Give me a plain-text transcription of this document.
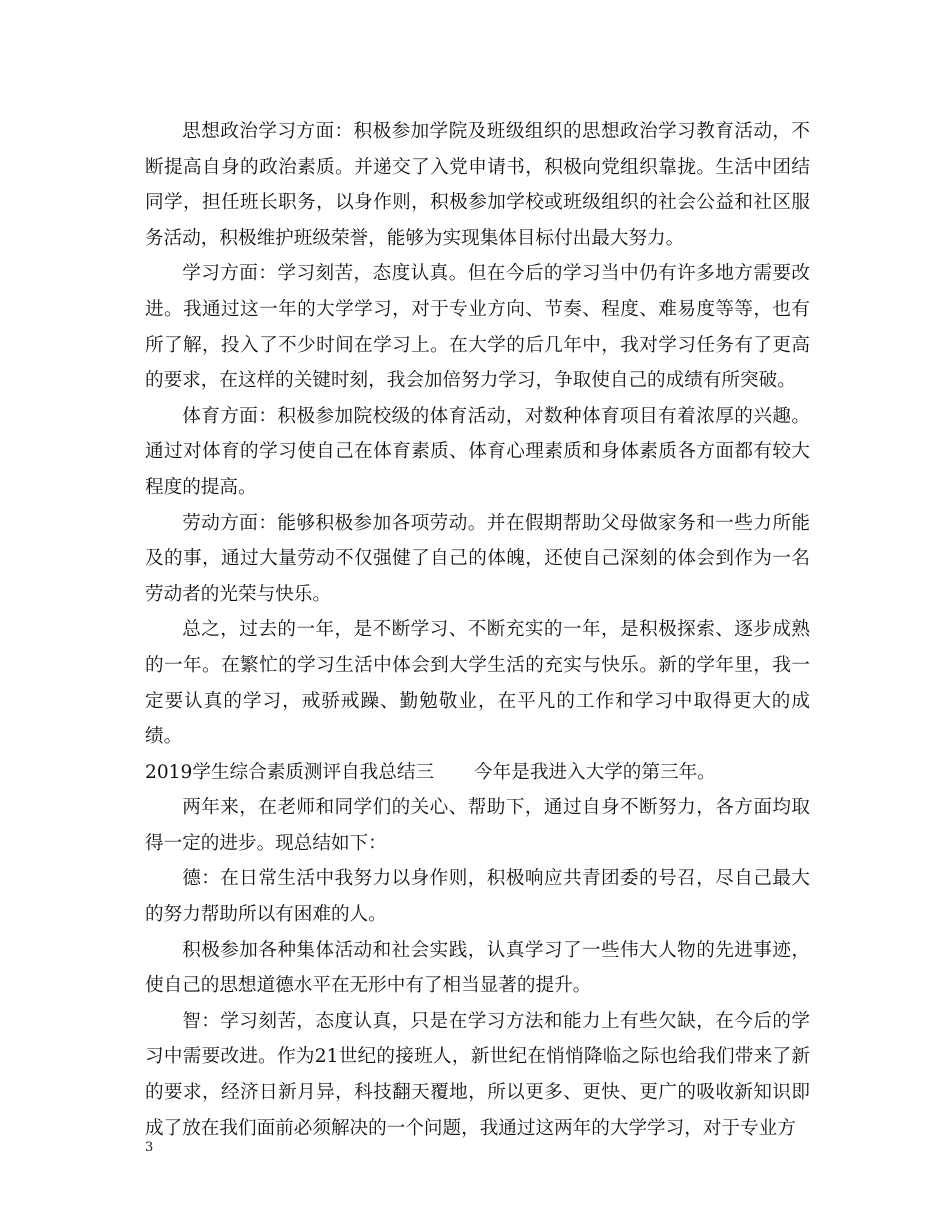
思想政治学习方面：积极参加学院及班级组织的思想政治学习教育活动，不断提高自身的政治素质。并递交了入党申请书，积极向党组织靠拢。生活中团结同学，担任班长职务，以身作则，积极参加学校或班级组织的社会公益和社区服务活动，积极维护班级荣誉，能够为实现集体目标付出最大努力。

学习方面：学习刻苦，态度认真。但在今后的学习当中仍有许多地方需要改进。我通过这一年的大学学习，对于专业方向、节奏、程度、难易度等等，也有所了解，投入了不少时间在学习上。在大学的后几年中，我对学习任务有了更高的要求，在这样的关键时刻，我会加倍努力学习，争取使自己的成绩有所突破。

体育方面：积极参加院校级的体育活动，对数种体育项目有着浓厚的兴趣。通过对体育的学习使自己在体育素质、体育心理素质和身体素质各方面都有较大程度的提高。

劳动方面：能够积极参加各项劳动。并在假期帮助父母做家务和一些力所能及的事，通过大量劳动不仅强健了自己的体魄，还使自己深刻的体会到作为一名劳动者的光荣与快乐。

总之，过去的一年，是不断学习、不断充实的一年，是积极探索、逐步成熟的一年。在繁忙的学习生活中体会到大学生活的充实与快乐。新的学年里，我一定要认真的学习，戒骄戒躁、勤勉敬业，在平凡的工作和学习中取得更大的成绩。

2019学生综合素质测评自我总结三 今年是我进入大学的第三年。

两年来，在老师和同学们的关心、帮助下，通过自身不断努力，各方面均取得一定的进步。现总结如下：

德：在日常生活中我努力以身作则，积极响应共青团委的号召，尽自己最大的努力帮助所以有困难的人。

积极参加各种集体活动和社会实践，认真学习了一些伟大人物的先进事迹，使自己的思想道德水平在无形中有了相当显著的提升。

智：学习刻苦，态度认真，只是在学习方法和能力上有些欠缺，在今后的学习中需要改进。作为21世纪的接班人，新世纪在悄悄降临之际也给我们带来了新的要求，经济日新月异，科技翻天覆地，所以更多、更快、更广的吸收新知识即成了放在我们面前必须解决的一个问题，我通过这两年的大学学习，对于专业方

3
